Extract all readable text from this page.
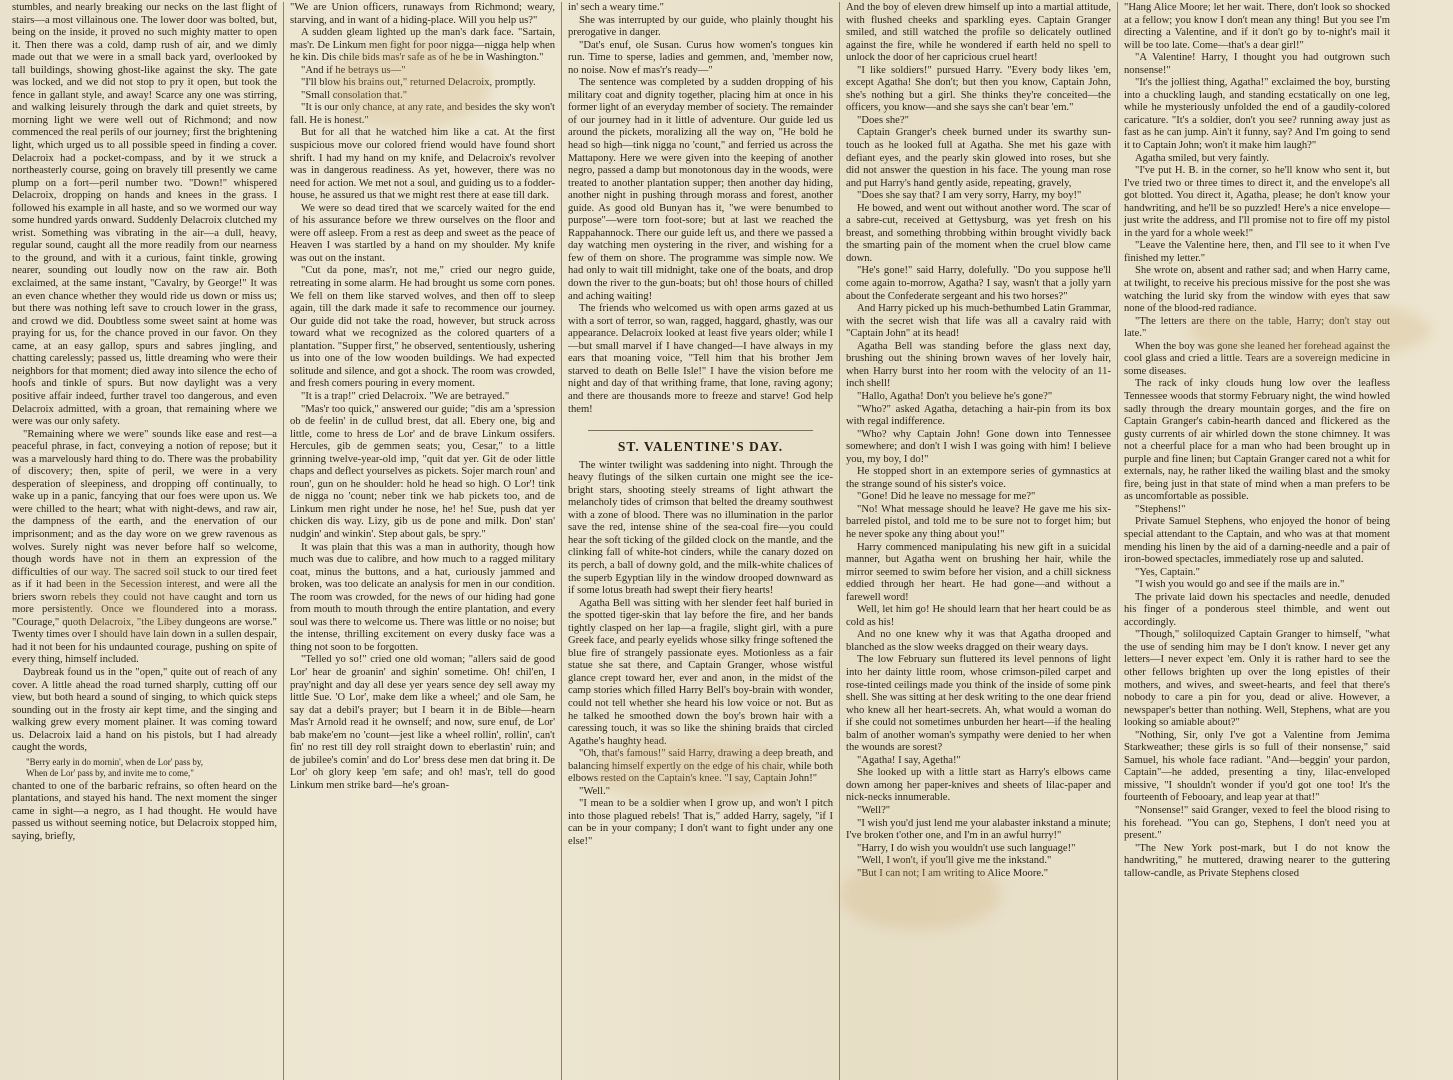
stumbles, and nearly breaking our necks on the last flight of stairs—a most villainous one. The lower door was bolted, but, being on the inside, it proved no such mighty matter to open it. Then there was a cold, damp rush of air, and we dimly made out that we were in a small back yard, overlooked by tall buildings, showing ghost-like against the sky. The gate was locked, and we did not stop to pry it open, but took the fence in gallant style, and away! Scarce any one was stirring, and walking leisurely through the dark and quiet streets, by morning light we were well out of Richmond; and now commenced the real perils of our journey; first the brightening light, which urged us to all possible speed in finding a cover. Delacroix had a pocket-compass, and by it we struck a northeasterly course, going on bravely till presently we came plump on a fort—peril number two. "Down!" whispered Delacroix, dropping on hands and knees in the grass. I followed his example in all haste, and so we wormed our way some hundred yards onward. Suddenly Delacroix clutched my wrist. Something was vibrating in the air—a dull, heavy, regular sound, caught all the more readily from our nearness to the ground, and with it a curious, faint tinkle, growing nearer, sounding out loudly now on the raw air. Both exclaimed, at the same instant, "Cavalry, by George!" It was an even chance whether they would ride us down or miss us; but there was nothing left save to crouch lower in the grass, and crowd we did. Doubtless some sweet saint at home was praying for us, for the chance proved in our favor. On they came, at an easy gallop, spurs and sabres jingling, and chatting carelessly; passed us, little dreaming who were their neighbors for that moment; died away into silence the echo of hoofs and tinkle of spurs. But now daylight was a very positive affair indeed, further travel too dangerous, and even Delacroix admitted, with a groan, that remaining where we were was our only safety.

"Remaining where we were" sounds like ease and rest—a peaceful phrase, in fact, conveying a notion of repose; but it was a marvelously hard thing to do. There was the probability of discovery; then, spite of peril, we were in a very desperation of sleepiness, and dropping off continually, to wake up in a panic, fancying that our foes were upon us. We were chilled to the heart; what with night-dews, and raw air, the dampness of the earth, and the enervation of our imprisonment; and as the day wore on we grew ravenous as wolves. Surely night was never before half so welcome, though words have not in them an expression of the difficulties of our way. The sacred soil stuck to our tired feet as if it had been in the Secession interest, and were all the briers sworn rebels they could not have caught and torn us more persistently. Once we floundered into a morass. "Courage," quoth Delacroix, "the Libey dungeons are worse." Twenty times over I should have lain down in a sullen despair, had it not been for his undaunted courage, pushing on spite of every thing, himself included.

Daybreak found us in the "open," quite out of reach of any cover. A little ahead the road turned sharply, cutting off our view, but both heard a sound of singing, to which quick steps sounding out in the frosty air kept time, and the singing and walking grew every moment plainer. It was coming toward us. Delacroix laid a hand on his pistols, but I had already caught the words,

"Berry early in do mornin', when de Lor' pass by,
When de Lor' pass by, and invite me to come,"

chanted to one of the barbaric refrains, so often heard on the plantations, and stayed his hand. The next moment the singer came in sight—a negro, as I had thought. He would have passed us without seeming notice, but Delacroix stopped him, saying, briefly,

"We are Union officers, runaways from Richmond; weary, starving, and in want of a hiding-place. Will you help us?"

A sudden gleam lighted up the man's dark face. "Sartain, mas'r. De Linkum men fight for poor nigga—nigga help when he kin. Dis chile bids mas'r safe as of he be in Washington."

"And if he betrays us—"

"I'll blow his brains out," returned Delacroix, promptly.

"Small consolation that."

"It is our only chance, at any rate, and besides the sky won't fall. He is honest."

But for all that he watched him like a cat. At the first suspicious move our colored friend would have found short shrift. I had my hand on my knife, and Delacroix's revolver was in dangerous readiness. As yet, however, there was no need for action. We met not a soul, and guiding us to a fodder-house, he assured us that we might rest there at ease till dark.

We were so dead tired that we scarcely waited for the end of his assurance before we threw ourselves on the floor and were off asleep. From a rest as deep and sweet as the peace of Heaven I was startled by a hand on my shoulder. My knife was out on the instant.

"Cut da pone, mas'r, not me," cried our negro guide, retreating in some alarm. He had brought us some corn pones. We fell on them like starved wolves, and then off to sleep again, till the dark made it safe to recommence our journey. Our guide did not take the road, however, but struck across toward what we recognized as the colored quarters of a plantation. "Supper first," he observed, sententiously, ushering us into one of the low wooden buildings. We had expected solitude and silence, and got a shock. The room was crowded, and fresh comers pouring in every moment.

"It is a trap!" cried Delacroix. "We are betrayed."

"Mas'r too quick," answered our guide; "dis am a 'spression ob de feelin' in de cullud brest, dat all. Ebery one, big and little, come to hress de Lor' and de brave Linkum ossifers. Hercules, gib de gemmen seats; you, Cesar," to a little grinning twelve-year-old imp, "quit dat yer. Git de oder little chaps and deflect yourselves as pickets. Sojer march roun' and roun', gun on he shoulder: hold he head so high. O Lor'! tink de nigga no 'count; neber tink we hab pickets too, and de Linkum men right under he nose, he! he! Sue, push dat yer chicken dis way. Lizy, gib us de pone and milk. Don' stan' nudgin' and winkin'. Step about gals, be spry."

It was plain that this was a man in authority, though how much was due to calibre, and how much to a ragged military coat, minus the buttons, and a hat, curiously jammed and broken, was too delicate an analysis for men in our condition. The room was crowded, for the news of our hiding had gone from mouth to mouth through the entire plantation, and every soul was there to welcome us. There was little or no noise; but the intense, thrilling excitement on every dusky face was a thing not soon to be forgotten.

"Telled yo so!" cried one old woman; "allers said de good Lor' hear de groanin' and sighin' sometime. Oh! chil'en, I pray'night and day all dese yer years sence dey sell away my little Sue. 'O Lor', make dem like a wheel;' and ole Sam, he say dat a debil's prayer; but I bearn it in de Bible—hearn Mas'r Arnold read it he ownself; and now, sure enuf, de Lor' bab make'em no 'count—jest like a wheel rollin', rollin', can't fin' no rest till dey roll straight down to eberlastin' ruin; and de jubilee's comin' and do Lor' bress dese men dat bring it. De Lor' oh glory keep 'em safe; and oh! mas'r, tell do good Linkum men strike bard—he's groan-

in' sech a weary time."

She was interrupted by our guide, who plainly thought his prerogative in danger.

"Dat's enuf, ole Susan. Curus how women's tongues kin run. Time to sperse, ladies and gemmen, and, 'member now, no noise. Now ef mas'r's ready—"

The sentence was completed by a sudden dropping of his military coat and dignity together, placing him at once in his former light of an everyday member of society. The remainder of our journey had in it little of adventure. Our guide led us around the pickets, moralizing all the way on, "He bold he head so high—tink nigga no 'count," and ferried us across the Mattapony. Here we were given into the keeping of another negro, passed a damp but monotonous day in the woods, were treated to another plantation supper; then another day hiding, another night in pushing through morass and forest, another guide. As good old Bunyan has it, "we were benumbed to purpose"—were torn foot-sore; but at last we reached the Rappahannock. There our guide left us, and there we passed a day watching men oystering in the river, and wishing for a few of them on shore. The programme was simple now. We had only to wait till midnight, take one of the boats, and drop down the river to the gun-boats; but oh! those hours of chilled and aching waiting!

The friends who welcomed us with open arms gazed at us with a sort of terror, so wan, ragged, haggard, ghastly, was our appearance. Delacroix looked at least five years older; while I—but small marvel if I have changed—I have always in my ears that moaning voice, "Tell him that his brother Jem starved to death on Belle Isle!" I have the vision before me night and day of that writhing frame, that lone, raving agony; and there are thousands more to freeze and starve! God help them!

ST. VALENTINE'S DAY.

The winter twilight was saddening into night. Through the heavy flutings of the silken curtain one might see the ice-bright stars, shooting steely streams of light athwart the melancholy tides of crimson that belted the dreamy southwest with a zone of blood. There was no illumination in the parlor save the red, intense shine of the sea-coal fire—you could hear the soft ticking of the gilded clock on the mantle, and the clinking fall of white-hot cinders, while the canary dozed on its perch, a ball of downy gold, and the milk-white chalices of the superb Egyptian lily in the window drooped downward as if some lotus breath had swept their fiery hearts!

Agatha Bell was sitting with her slender feet half buried in the spotted tiger-skin that lay before the fire, and her bands tightly clasped on her lap—a fragile, slight girl, with a pure Greek face, and pearly eyelids whose silky fringe softened the blue fire of strangely passionate eyes. Motionless as a fair statue she sat there, and Captain Granger, whose wistful glance crept toward her, ever and anon, in the midst of the camp stories which filled Harry Bell's boy-brain with wonder, could not tell whether she heard his low voice or not. But as he talked he smoothed down the boy's brown hair with a caressing touch, it was so like the shining braids that circled Agathe's haughty head.

"Oh, that's famous!" said Harry, drawing a deep breath, and balancing himself expertly on the edge of his chair, while both elbows rested on the Captain's knee. "I say, Captain John!"

"Well."

"I mean to be a soldier when I grow up, and won't I pitch into those plagued rebels! That is," added Harry, sagely, "if I can be in your company; I don't want to fight under any one else!"

And the boy of eleven drew himself up into a martial attitude, with flushed cheeks and sparkling eyes. Captain Granger smiled, and still watched the profile so delicately outlined against the fire, while he wondered if earth held no spell to unlock the door of her capricious cruel heart!

"I like soldiers!" pursued Harry. "Every body likes 'em, except Agatha! She don't; but then you know, Captain John, she's nothing but a girl. She thinks they're conceited—the officers, you know—and she says she can't bear 'em."

"Does she?"

Captain Granger's cheek burned under its swarthy sun-touch as he looked full at Agatha. She met his gaze with defiant eyes, and the pearly skin glowed into roses, but she did not answer the question in his face. The young man rose and put Harry's hand gently aside, repeating, gravely,

"Does she say that? I am very sorry, Harry, my boy!"

He bowed, and went out without another word. The scar of a sabre-cut, received at Gettysburg, was yet fresh on his breast, and something throbbing within brought vividly back the smarting pain of the moment when the cruel blow came down.

"He's gone!" said Harry, dolefully. "Do you suppose he'll come again to-morrow, Agatha? I say, wasn't that a jolly yarn about the Confederate sergeant and his two horses?"

And Harry picked up his much-bethumbed Latin Grammar, with the secret wish that life was all a cavalry raid with "Captain John" at its head!

Agatha Bell was standing before the glass next day, brushing out the shining brown waves of her lovely hair, when Harry burst into her room with the velocity of an 11-inch shell!

"Hallo, Agatha! Don't you believe he's gone?"

"Who?" asked Agatha, detaching a hair-pin from its box with regal indifference.

"Who? why Captain John! Gone down into Tennessee somewhere; and don't I wish I was going with him! I believe you, my boy, I do!"

He stopped short in an extempore series of gymnastics at the strange sound of his sister's voice.

"Gone! Did he leave no message for me?"

"No! What message should he leave? He gave me his six-barreled pistol, and told me to be sure not to forget him; but he never spoke any thing about you!"

Harry commenced manipulating his new gift in a suicidal manner, but Agatha went on brushing her hair, while the mirror seemed to swim before her vision, and a chill sickness eddied through her heart. He had gone—and without a farewell word!

Well, let him go! He should learn that her heart could be as cold as his!

And no one knew why it was that Agatha drooped and blanched as the slow weeks dragged on their weary days.

The low February sun fluttered its level pennons of light into her dainty little room, whose crimson-piled carpet and rose-tinted ceilings made you think of the inside of some pink shell. She was sitting at her desk writing to the one dear friend who knew all her heart-secrets. Ah, what would a woman do if she could not sometimes unburden her heart—if the healing balm of another woman's sympathy were denied to her when the wounds are sorest?

"Agatha! I say, Agetha!"

She looked up with a little start as Harry's elbows came down among her paper-knives and sheets of lilac-paper and nick-necks innumerable.

"Well?"

"I wish you'd just lend me your alabaster inkstand a minute; I've broken t'other one, and I'm in an awful hurry!"

"Harry, I do wish you wouldn't use such language!"

"Well, I won't, if you'll give me the inkstand."

"But I can not; I am writing to Alice Moore."

"Hang Alice Moore; let her wait. There, don't look so shocked at a fellow; you know I don't mean any thing! But you see I'm directing a Valentine, and if it don't go by to-night's mail it will be too late. Come—that's a dear girl!"

"A Valentine! Harry, I thought you had outgrown such nonsense!"

"It's the jolliest thing, Agatha!" exclaimed the boy, bursting into a chuckling laugh, and standing ecstatically on one leg, while he mysteriously unfolded the end of a gaudily-colored caricature. "It's a soldier, don't you see? running away just as fast as he can jump. Ain't it funny, say? And I'm going to send it to Captain John; won't it make him laugh?"

Agatha smiled, but very faintly.

"I've put H. B. in the corner, so he'll know who sent it, but I've tried two or three times to direct it, and the envelope's all got blotted. You direct it, Agatha, please; he don't know your handwriting, and he'll be so puzzled! Here's a nice envelope—just write the address, and I'll promise not to fire off my pistol in the yard for a whole week!"

"Leave the Valentine here, then, and I'll see to it when I've finished my letter."

She wrote on, absent and rather sad; and when Harry came, at twilight, to receive his precious missive for the post she was watching the lurid sky from the window with eyes that saw none of the blood-red radiance.

"The letters are there on the table, Harry; don't stay out late."

When the boy was gone she leaned her forehead against the cool glass and cried a little. Tears are a sovereign medicine in some diseases.

The rack of inky clouds hung low over the leafless Tennessee woods that stormy February night, the wind howled sadly through the dreary mountain gorges, and the fire on Captain Granger's cabin-hearth danced and flickered as the gusty currents of air whirled down the stone chimney. It was not a cheerful place for a man who had been brought up in purple and fine linen; but Captain Granger cared not a whit for externals, nay, he rather liked the wailing blast and the smoky fire, being just in that state of mind when a man prefers to be as uncomfortable as possible.

"Stephens!"

Private Samuel Stephens, who enjoyed the honor of being special attendant to the Captain, and who was at that moment mending his linen by the aid of a darning-needle and a pair of iron-bowed spectacles, immediately rose up and saluted.

"Yes, Captain."

"I wish you would go and see if the mails are in."

The private laid down his spectacles and needle, denuded his finger of a ponderous steel thimble, and went out accordingly.

"Though," soliloquized Captain Granger to himself, "what the use of sending him may be I don't know. I never get any letters—I never expect 'em. Only it is rather hard to see the other fellows brighten up over the long epistles of their mothers, and wives, and sweet-hearts, and feel that there's nobody to care a pin for you, dead or alive. However, a newspaper's better than nothing. Well, Stephens, what are you looking so amiable about?"

"Nothing, Sir, only I've got a Valentine from Jemima Starkweather; these girls is so full of their nonsense," said Samuel, his whole face radiant. "And—beggin' your pardon, Captain"—he added, presenting a tiny, lilac-enveloped missive, "I shouldn't wonder if you'd got one too! It's the fourteenth of Febooary, and leap year at that!"

"Nonsense!" said Granger, vexed to feel the blood rising to his forehead. "You can go, Stephens, I don't need you at present."

"The New York post-mark, but I do not know the handwriting," he muttered, drawing nearer to the guttering tallow-candle, as Private Stephens closed
